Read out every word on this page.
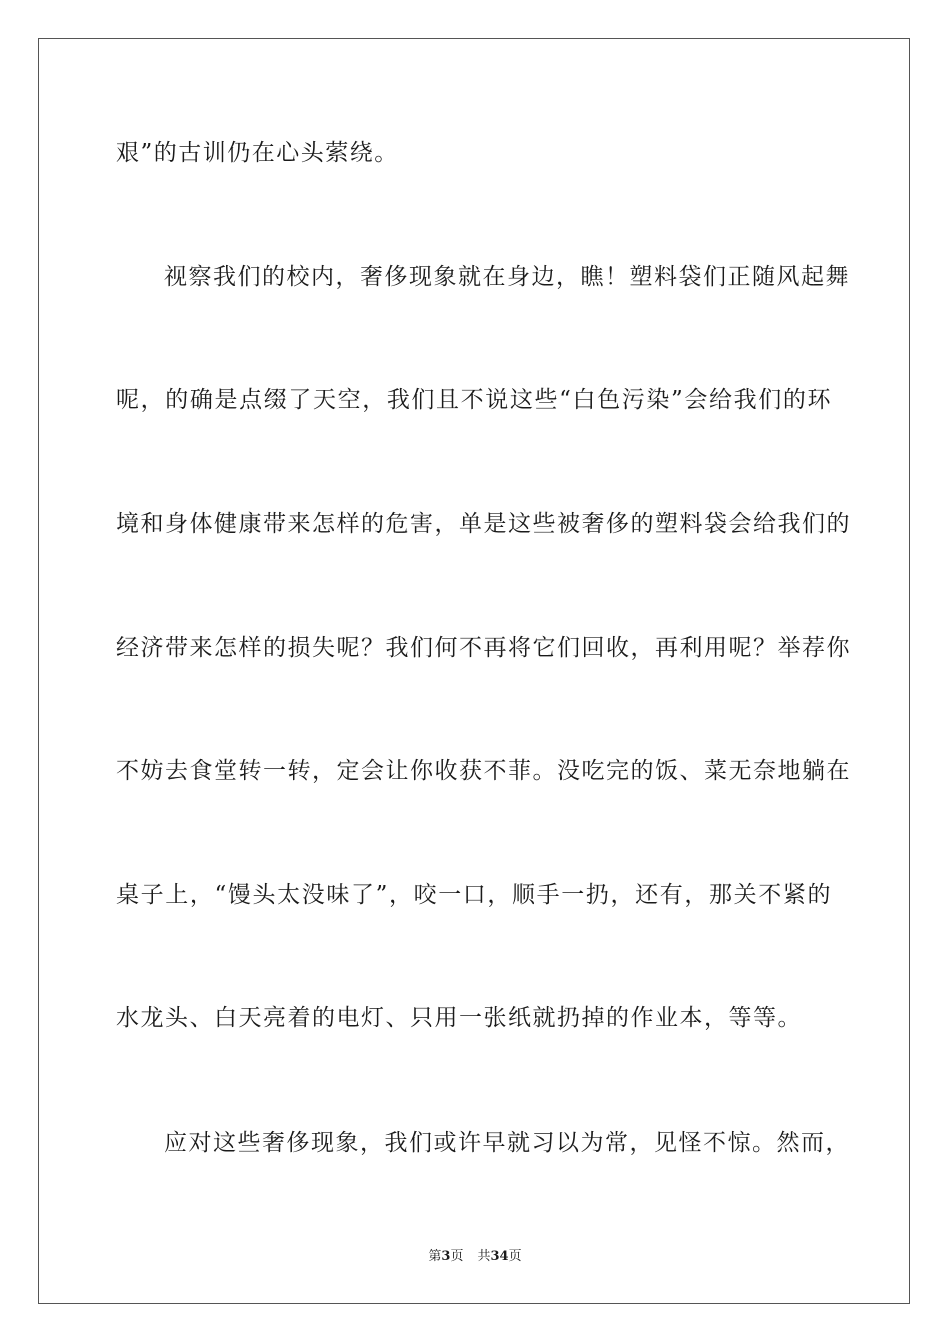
艰”的古训仍在心头萦绕。
视察我们的校内，奢侈现象就在身边，瞧！塑料袋们正随风起舞
呢，的确是点缀了天空，我们且不说这些“白色污染”会给我们的环
境和身体健康带来怎样的危害，单是这些被奢侈的塑料袋会给我们的
经济带来怎样的损失呢？我们何不再将它们回收，再利用呢？举荐你
不妨去食堂转一转，定会让你收获不菲。没吃完的饭、菜无奈地躺在
桌子上，“馒头太没味了”，咬一口，顺手一扔，还有，那关不紧的
水龙头、白天亮着的电灯、只用一张纸就扔掉的作业本，等等。
应对这些奢侈现象，我们或许早就习以为常，见怪不惊。然而，
第3页 共34页
